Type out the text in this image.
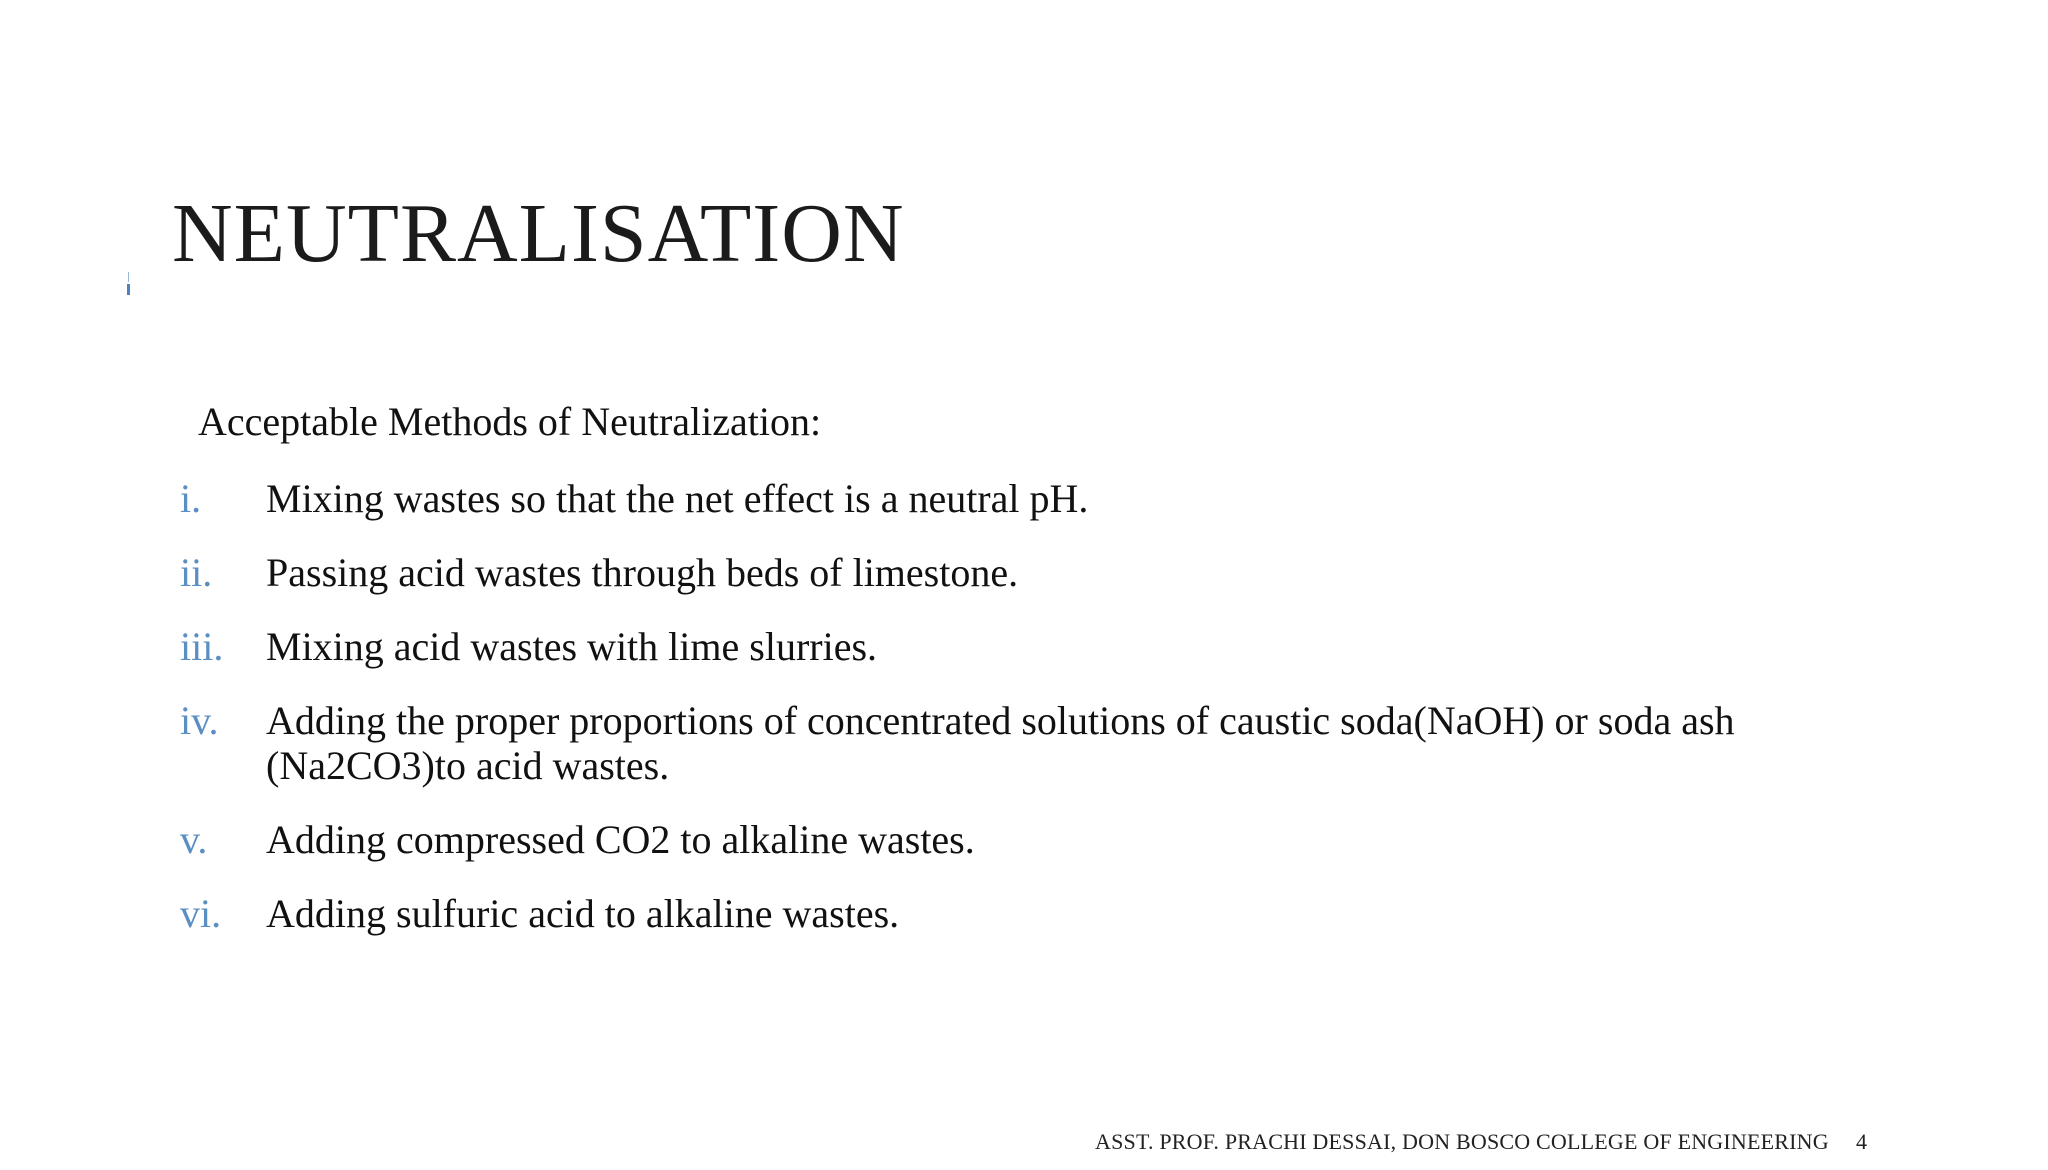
NEUTRALISATION
Acceptable Methods of Neutralization:
i.	Mixing wastes so that the net effect is a neutral pH.
ii.	Passing acid wastes through beds of limestone.
iii.	Mixing acid wastes with lime slurries.
iv.	Adding the proper proportions of concentrated solutions of caustic soda(NaOH) or soda ash (Na2CO3)to acid wastes.
v.	Adding compressed CO2 to alkaline wastes.
vi.	Adding sulfuric acid to alkaline wastes.
ASST. PROF. PRACHI DESSAI, DON BOSCO COLLEGE OF ENGINEERING 4
